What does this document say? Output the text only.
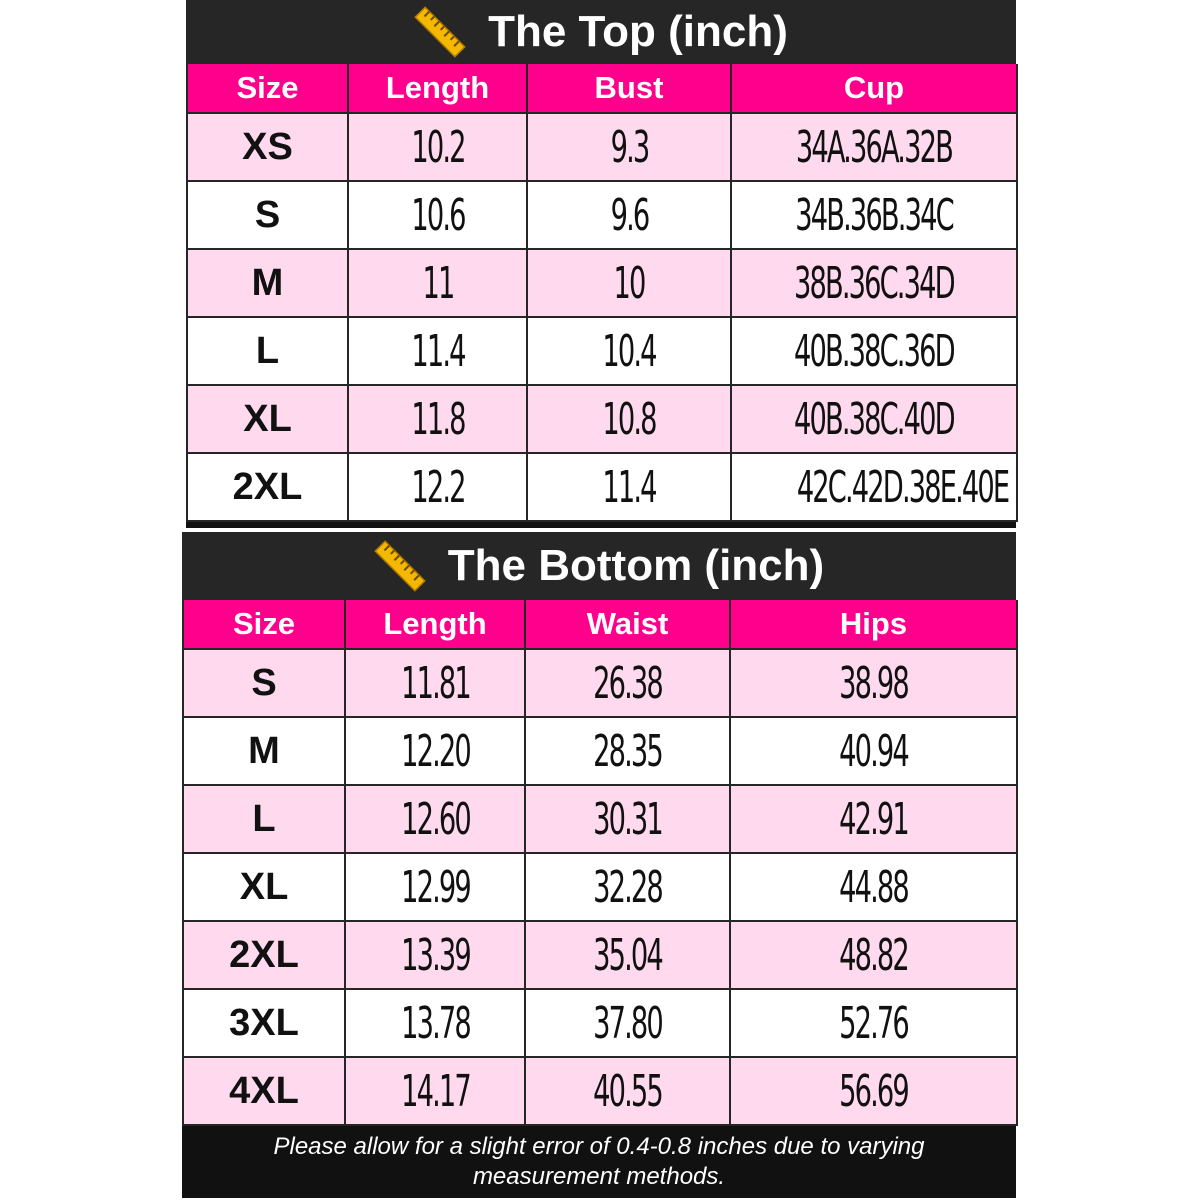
The Top (inch)
Size	Length	Bust	Cup
XS	10.2	9.3	34A.36A.32B
S	10.6	9.6	34B.36B.34C
M	11	10	38B.36C.34D
L	11.4	10.4	40B.38C.36D
XL	11.8	10.8	40B.38C.40D
2XL	12.2	11.4	42C.42D.38E.40E
The Bottom (inch)
Size	Length	Waist	Hips
S	11.81	26.38	38.98
M	12.20	28.35	40.94
L	12.60	30.31	42.91
XL	12.99	32.28	44.88
2XL	13.39	35.04	48.82
3XL	13.78	37.80	52.76
4XL	14.17	40.55	56.69
Please allow for a slight error of 0.4-0.8 inches due to varying measurement methods.
